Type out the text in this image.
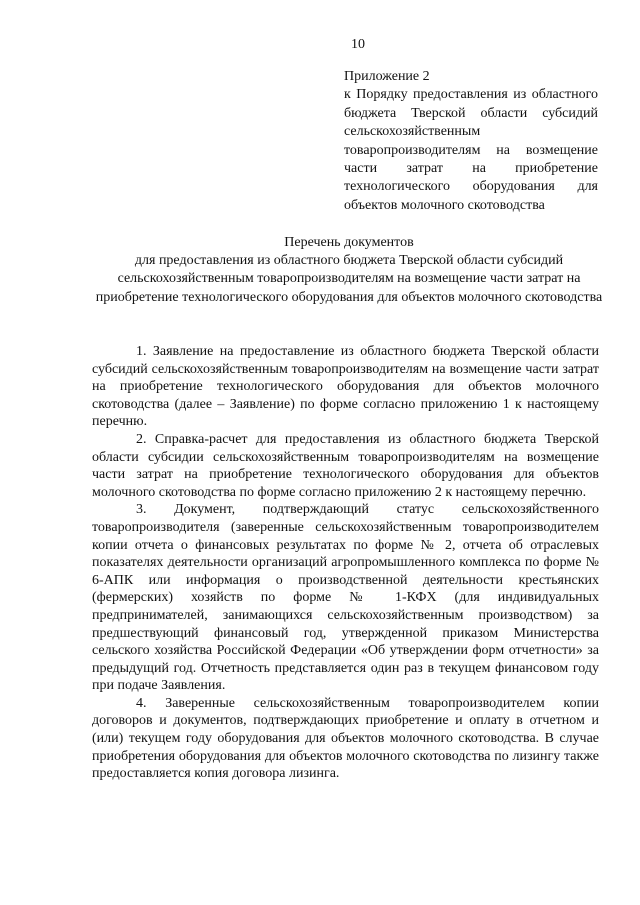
10
Приложение 2
к Порядку предоставления из областного бюджета Тверской области субсидий сельскохозяйственным товаропроизводителям на возмещение части затрат на приобретение технологического оборудования для объектов молочного скотоводства
Перечень документов
для предоставления из областного бюджета Тверской области субсидий сельскохозяйственным товаропроизводителям на возмещение части затрат на приобретение технологического оборудования для объектов молочного скотоводства

1. Заявление на предоставление из областного бюджета Тверской области субсидий сельскохозяйственным товаропроизводителям на возмещение части затрат на приобретение технологического оборудования для объектов молочного скотоводства (далее – Заявление) по форме согласно приложению 1 к настоящему перечню.

2. Справка-расчет для предоставления из областного бюджета Тверской области субсидии сельскохозяйственным товаропроизводителям на возмещение части затрат на приобретение технологического оборудования для объектов молочного скотоводства по форме согласно приложению 2 к настоящему перечню.

3. Документ, подтверждающий статус сельскохозяйственного товаропроизводителя (заверенные сельскохозяйственным товаропроизводителем копии отчета о финансовых результатах по форме № 2, отчета об отраслевых показателях деятельности организаций агропромышленного комплекса по форме № 6-АПК или информация о производственной деятельности крестьянских (фермерских) хозяйств по форме № 1-КФХ (для индивидуальных предпринимателей, занимающихся сельскохозяйственным производством) за предшествующий финансовый год, утвержденной приказом Министерства сельского хозяйства Российской Федерации «Об утверждении форм отчетности» за предыдущий год. Отчетность представляется один раз в текущем финансовом году при подаче Заявления.

4. Заверенные сельскохозяйственным товаропроизводителем копии договоров и документов, подтверждающих приобретение и оплату в отчетном и (или) текущем году оборудования для объектов молочного скотоводства. В случае приобретения оборудования для объектов молочного скотоводства по лизингу также предоставляется копия договора лизинга.
